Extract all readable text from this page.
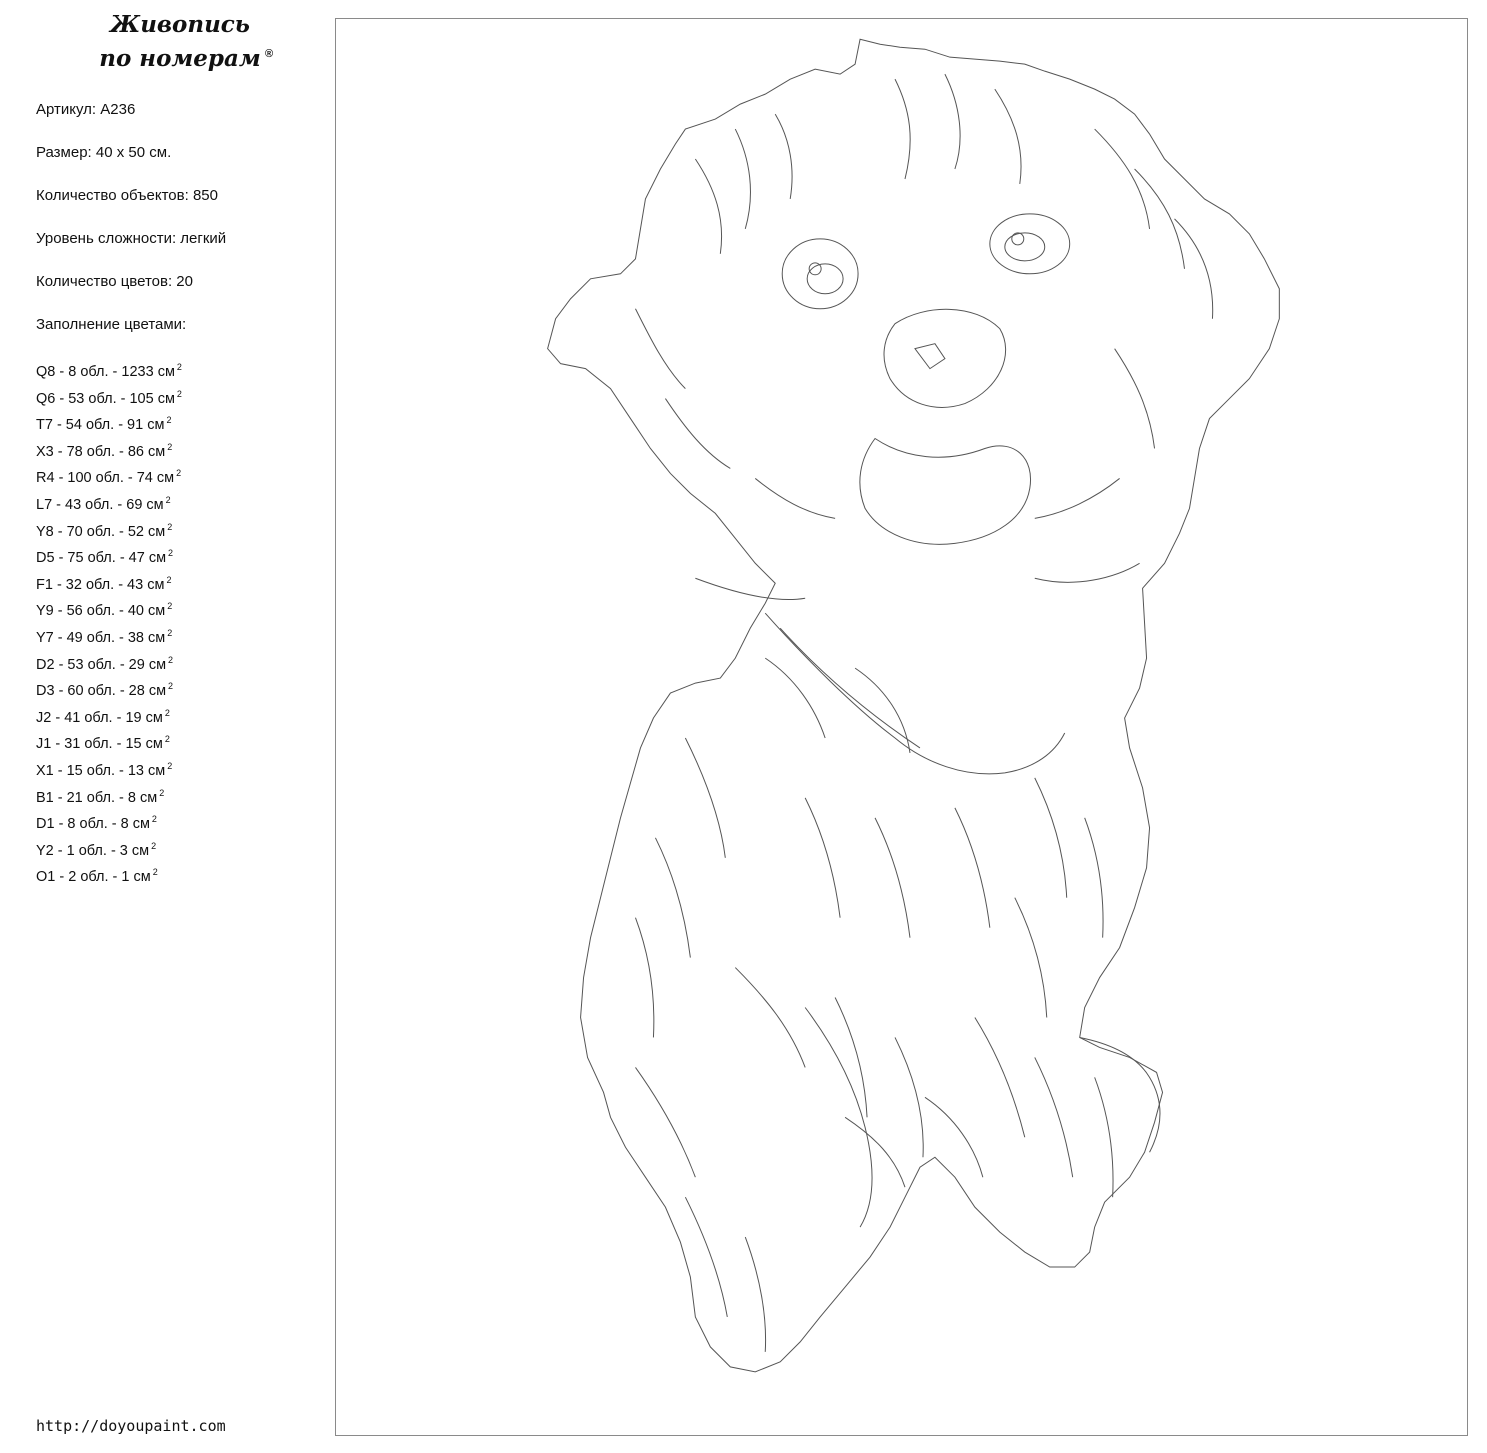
Живопись
по номерам ®
Артикул: A236
Размер: 40 x 50 см.
Количество объектов: 850
Уровень сложности: легкий
Количество цветов: 20
Заполнение цветами:
Q8 - 8 обл. - 1233 см $^2$
Q6 - 53 обл. - 105 см $^2$
T7 - 54 обл. - 91 см $^2$
X3 - 78 обл. - 86 см $^2$
R4 - 100 обл. - 74 см $^2$
L7 - 43 обл. - 69 см $^2$
Y8 - 70 обл. - 52 см $^2$
D5 - 75 обл. - 47 см $^2$
F1 - 32 обл. - 43 см $^2$
Y9 - 56 обл. - 40 см $^2$
Y7 - 49 обл. - 38 см $^2$
D2 - 53 обл. - 29 см $^2$
D3 - 60 обл. - 28 см $^2$
J2 - 41 обл. - 19 см $^2$
J1 - 31 обл. - 15 см $^2$
X1 - 15 обл. - 13 см $^2$
B1 - 21 обл. - 8 см $^2$
D1 - 8 обл. - 8 см $^2$
Y2 - 1 обл. - 3 см $^2$
O1 - 2 обл. - 1 см $^2$
http://doyoupaint.com
